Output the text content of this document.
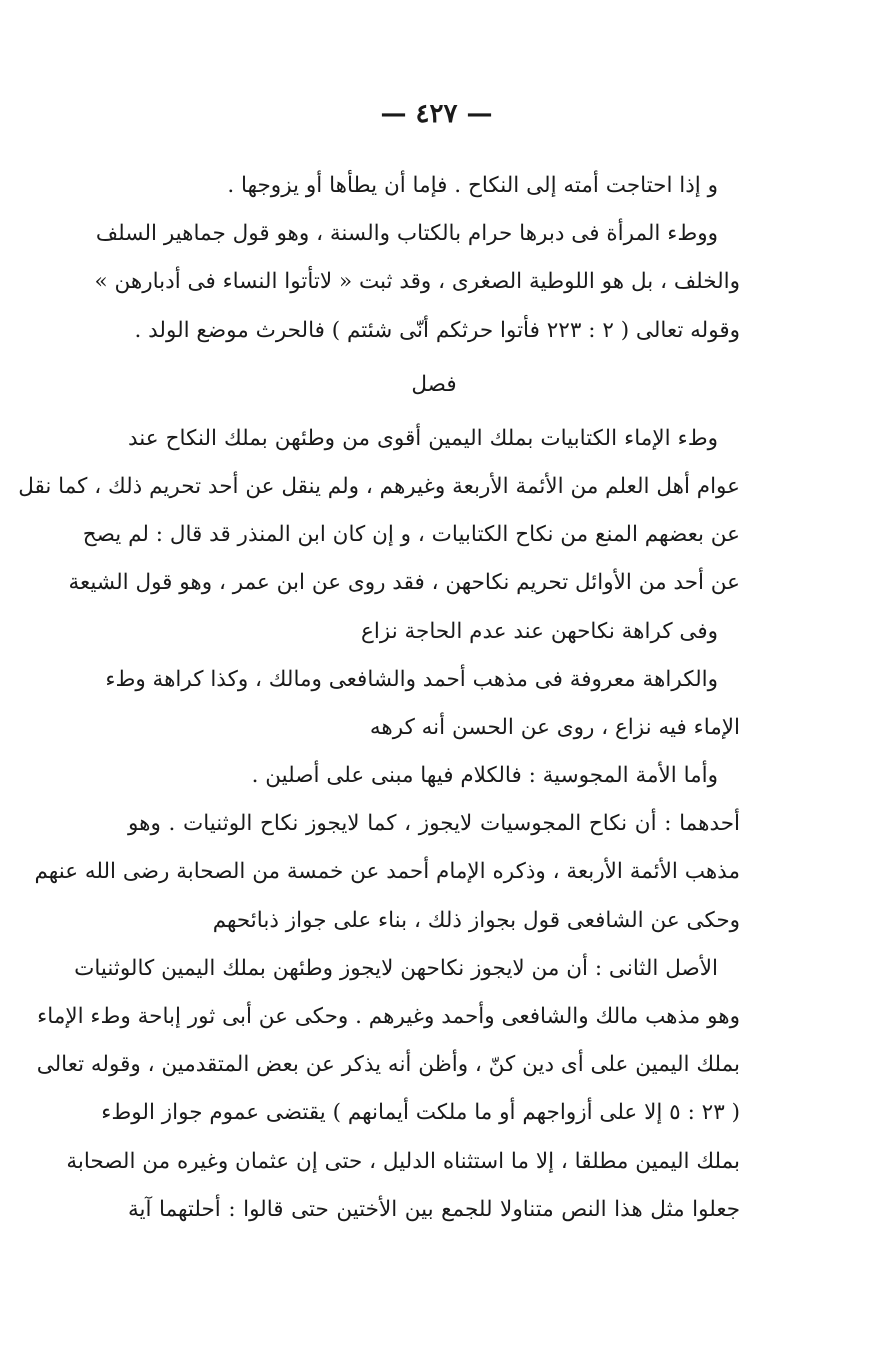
— ٤٢٧ —
و إذا احتاجت أمته إلى النكاح . فإما أن يطأها أو يزوجها .
ووطء المرأة فى دبرها حرام بالكتاب والسنة ، وهو قول جماهير السلف
والخلف ، بل هو اللوطية الصغرى ، وقد ثبت « لاتأتوا النساء فى أدبارهن »
وقوله تعالى ( ٢ : ٢٢٣ فأتوا حرثكم أنّى شئتم ) فالحرث موضع الولد .
فصل
وطء الإماء الكتابيات بملك اليمين أقوى من وطئهن بملك النكاح عند
عوام أهل العلم من الأئمة الأربعة وغيرهم ، ولم ينقل عن أحد تحريم ذلك ، كما نقل
عن بعضهم المنع من نكاح الكتابيات ، و إن كان ابن المنذر قد قال : لم يصح
عن أحد من الأوائل تحريم نكاحهن ، فقد روى عن ابن عمر ، وهو قول الشيعة
وفى كراهة نكاحهن عند عدم الحاجة نزاع
والكراهة معروفة فى مذهب أحمد والشافعى ومالك ، وكذا كراهة وطء
الإماء فيه نزاع ، روى عن الحسن أنه كرهه
وأما الأمة المجوسية : فالكلام فيها مبنى على أصلين .
أحدهما : أن نكاح المجوسيات لايجوز ، كما لايجوز نكاح الوثنيات . وهو
مذهب الأئمة الأربعة ، وذكره الإمام أحمد عن خمسة من الصحابة رضى الله عنهم
وحكى عن الشافعى قول بجواز ذلك ، بناء على جواز ذبائحهم
الأصل الثانى : أن من لايجوز نكاحهن لايجوز وطئهن بملك اليمين كالوثنيات
وهو مذهب مالك والشافعى وأحمد وغيرهم . وحكى عن أبى ثور إباحة وطء الإماء
بملك اليمين على أى دين كنّ ، وأظن أنه يذكر عن بعض المتقدمين ، وقوله تعالى
( ٢٣ : ٥ إلا على أزواجهم أو ما ملكت أيمانهم ) يقتضى عموم جواز الوطء
بملك اليمين مطلقا ، إلا ما استثناه الدليل ، حتى إن عثمان وغيره من الصحابة
جعلوا مثل هذا النص متناولا للجمع بين الأختين حتى قالوا : أحلتهما آية
